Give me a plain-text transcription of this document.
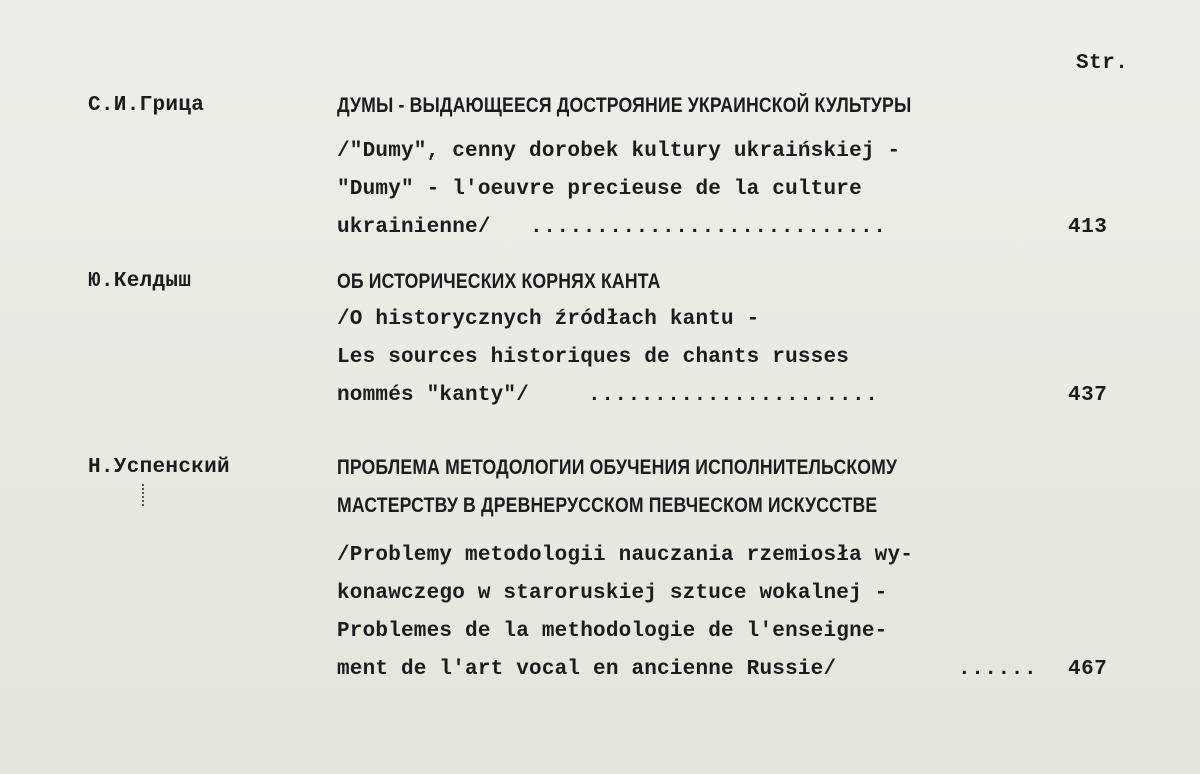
Str.
С.И.Грица	ДУМЫ - ВЫДАЮЩЕЕСЯ ДОСТРОЯНИЕ УКРАИНСКОЙ КУЛЬТУРЫ
/"Dumy", cenny dorobek kultury ukraińskiej -
"Dumy" - l'oeuvre precieuse de la culture
ukrainienne/ ...........................	413
Ю.Келдыш	ОБ ИСТОРИЧЕСКИХ КОРНЯХ КАНТА
/O historycznych źródłach kantu -
Les sources historiques de chants russes
nommés "kanty"/	......................	437
Н.Успенский	ПРОБЛЕМА МЕТОДОЛОГИИ ОБУЧЕНИЯ ИСПОЛНИТЕЛЬСКОМУ
МАСТЕРСТВУ В ДРЕВНЕРУССКОМ ПЕВЧЕСКОМ ИСКУССТВЕ
/Problemy metodologii nauczania rzemiosła wy-
konawczego w staroruskiej sztuce wokalnej -
Problemes de la methodologie de l'enseigne-
ment de l'art vocal en ancienne Russie/	......	467
